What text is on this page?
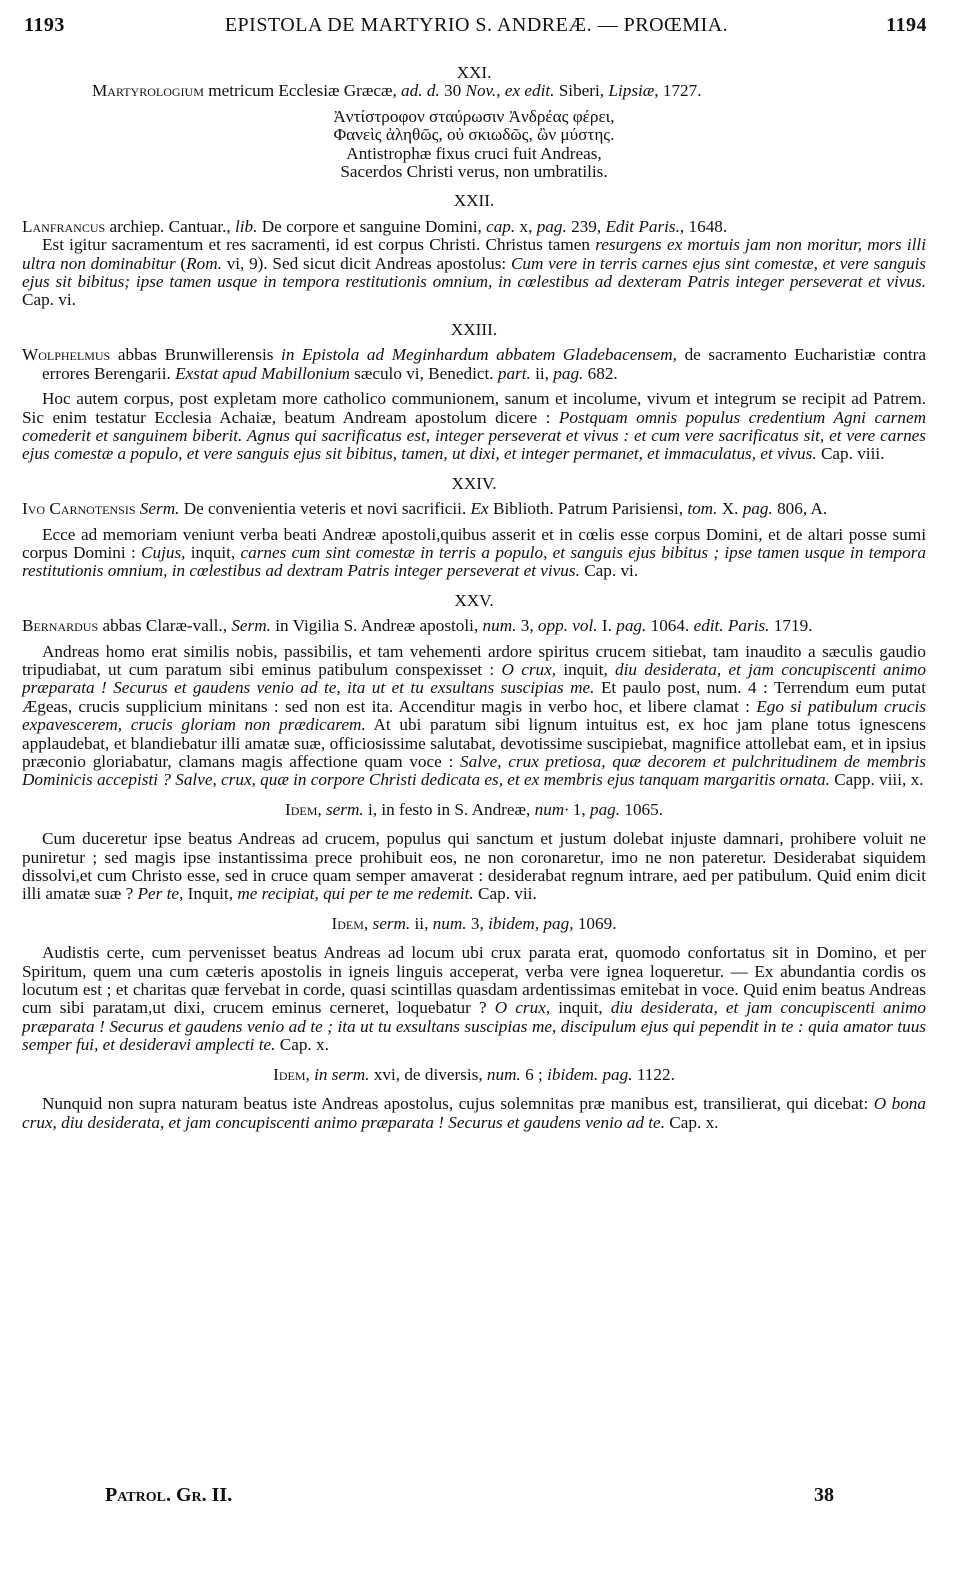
1193	EPISTOLA DE MARTYRIO S. ANDREÆ. — PROŒMIA.	1194

XXI.

Martyrologium metricum Ecclesiæ Græcæ, ad. d. 30 Nov., ex edit. Siberi, Lipsiæ, 1727.

Ἀντίστροφον σταύρωσιν Ἀνδρέας φέρει,

Φανεὶς ἀληθῶς, οὐ σκιωδῶς, ὢν μύστης.

Antistrophæ fixus cruci fuit Andreas,

Sacerdos Christi verus, non umbratilis.

XXII.

Lanfrancus archiep. Cantuar., lib. De corpore et sanguine Domini, cap. x, pag. 239, Edit Paris., 1648.

Est igitur sacramentum et res sacramenti, id est corpus Christi. Christus tamen resurgens ex mortuis jam non moritur, mors illi ultra non dominabitur (Rom. vi, 9). Sed sicut dicit Andreas apostolus: Cum vere in terris carnes ejus sint comestæ, et vere sanguis ejus sit bibitus; ipse tamen usque in tempora restitutionis omnium, in cœlestibus ad dexteram Patris integer perseverat et vivus. Cap. vi.

XXIII.

Wolphelmus abbas Brunwillerensis in Epistola ad Meginhardum abbatem Gladebacensem, de sacramento Eucharistiæ contra errores Berengarii. Exstat apud Mabillonium sæculo vi, Benedict. part. ii, pag. 682.

Hoc autem corpus, post expletam more catholico communionem, sanum et incolume, vivum et integrum se recipit ad Patrem. Sic enim testatur Ecclesia Achaiæ, beatum Andream apostolum dicere : Postquam omnis populus credentium Agni carnem comederit et sanguinem biberit. Agnus qui sacrificatus est, integer perseverat et vivus : et cum vere sacrificatus sit, et vere carnes ejus comestæ a populo, et vere sanguis ejus sit bibitus, tamen, ut dixi, et integer permanet, et immaculatus, et vivus. Cap. viii.

XXIV.

Ivo Carnotensis Serm. De convenientia veteris et novi sacrificii. Ex Biblioth. Patrum Parisiensi, tom. X. pag. 806, A.

Ecce ad memoriam veniunt verba beati Andreæ apostoli,quibus asserit et in cœlis esse corpus Domini, et de altari posse sumi corpus Domini : Cujus, inquit, carnes cum sint comestæ in terris a populo, et sanguis ejus bibitus ; ipse tamen usque in tempora restitutionis omnium, in cœlestibus ad dextram Patris integer perseverat et vivus. Cap. vi.

XXV.

Bernardus abbas Claræ-vall., Serm. in Vigilia S. Andreæ apostoli, num. 3, opp. vol. I. pag. 1064. edit. Paris. 1719.

Andreas homo erat similis nobis, passibilis, et tam vehementi ardore spiritus crucem sitiebat, tam inaudito a sæculis gaudio tripudiabat, ut cum paratum sibi eminus patibulum conspexisset : O crux, inquit, diu desiderata, et jam concupiscenti animo præparata ! Securus et gaudens venio ad te, ita ut et tu exsultans suscipias me. Et paulo post, num. 4 : Terrendum eum putat Ægeas, crucis supplicium minitans : sed non est ita. Accenditur magis in verbo hoc, et libere clamat : Ego si patibulum crucis expavescerem, crucis gloriam non prædicarem. At ubi paratum sibi lignum intuitus est, ex hoc jam plane totus ignescens applaudebat, et blandiebatur illi amatæ suæ, officiosissime salutabat, devotissime suscipiebat, magnifice attollebat eam, et in ipsius præconio gloriabatur, clamans magis affectione quam voce : Salve, crux pretiosa, quæ decorem et pulchritudinem de membris Dominicis accepisti ? Salve, crux, quæ in corpore Christi dedicata es, et ex membris ejus tanquam margaritis ornata. Capp. viii, x.

Idem, serm. i, in festo in S. Andreæ, num· 1, pag. 1065.

Cum duceretur ipse beatus Andreas ad crucem, populus qui sanctum et justum dolebat injuste damnari, prohibere voluit ne puniretur ; sed magis ipse instantissima prece prohibuit eos, ne non coronaretur, imo ne non pateretur. Desiderabat siquidem dissolvi,et cum Christo esse, sed in cruce quam semper amaverat : desiderabat regnum intrare, aed per patibulum. Quid enim dicit illi amatæ suæ ? Per te, Inquit, me recipiat, qui per te me redemit. Cap. vii.

Idem, serm. ii, num. 3, ibidem, pag, 1069.

Audistis certe, cum pervenisset beatus Andreas ad locum ubi crux parata erat, quomodo confortatus sit in Domino, et per Spiritum, quem una cum cæteris apostolis in igneis linguis acceperat, verba vere ignea loqueretur. — Ex abundantia cordis os locutum est ; et charitas quæ fervebat in corde, quasi scintillas quasdam ardentissimas emitebat in voce. Quid enim beatus Andreas cum sibi paratam,ut dixi, crucem eminus cerneret, loquebatur ? O crux, inquit, diu desiderata, et jam concupiscenti animo præparata ! Securus et gaudens venio ad te ; ita ut tu exsultans suscipias me, discipulum ejus qui pependit in te : quia amator tuus semper fui, et desideravi amplecti te. Cap. x.

Idem, in serm. xvi, de diversis, num. 6 ; ibidem. pag. 1122.

Nunquid non supra naturam beatus iste Andreas apostolus, cujus solemnitas præ manibus est, transilierat, qui dicebat: O bona crux, diu desiderata, et jam concupiscenti animo præparata ! Securus et gaudens venio ad te. Cap. x.

Patrol. Gr. II.	38
